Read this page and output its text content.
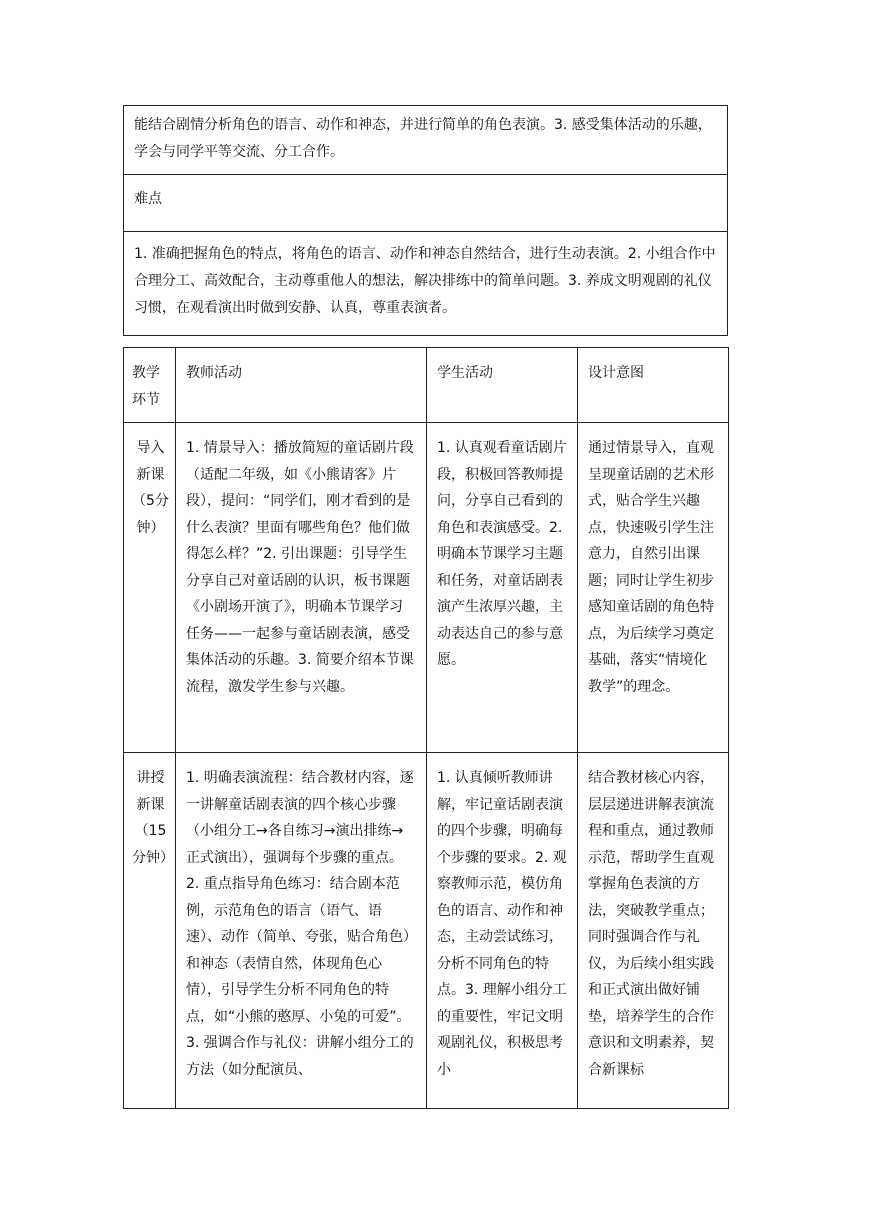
能结合剧情分析角色的语言、动作和神态，并进行简单的角色表演。3. 感受集体活动的乐趣，学会与同学平等交流、分工合作。
难点
1. 准确把握角色的特点，将角色的语言、动作和神态自然结合，进行生动表演。2. 小组合作中合理分工、高效配合，主动尊重他人的想法，解决排练中的简单问题。3. 养成文明观剧的礼仪习惯，在观看演出时做到安静、认真，尊重表演者。
教学环节	教师活动	学生活动	设计意图
导入新课（5分钟）	1. 情景导入：播放简短的童话剧片段（适配二年级，如《小熊请客》片段），提问：“同学们，刚才看到的是什么表演？里面有哪些角色？他们做得怎么样？”2. 引出课题：引导学生分享自己对童话剧的认识，板书课题《小剧场开演了》，明确本节课学习任务——一起参与童话剧表演，感受集体活动的乐趣。3. 简要介绍本节课流程，激发学生参与兴趣。	1. 认真观看童话剧片段，积极回答教师提问，分享自己看到的角色和表演感受。2. 明确本节课学习主题和任务，对童话剧表演产生浓厚兴趣，主动表达自己的参与意愿。	通过情景导入，直观呈现童话剧的艺术形式，贴合学生兴趣点，快速吸引学生注意力，自然引出课题；同时让学生初步感知童话剧的角色特点，为后续学习奠定基础，落实“情境化教学”的理念。
讲授新课（15分钟）	1. 明确表演流程：结合教材内容，逐一讲解童话剧表演的四个核心步骤（小组分工→各自练习→演出排练→正式演出），强调每个步骤的重点。2. 重点指导角色练习：结合剧本范例，示范角色的语言（语气、语速）、动作（简单、夸张，贴合角色）和神态（表情自然，体现角色心情），引导学生分析不同角色的特点，如“小熊的憨厚、小兔的可爱”。3. 强调合作与礼仪：讲解小组分工的方法（如分配演员、	1. 认真倾听教师讲解，牢记童话剧表演的四个步骤，明确每个步骤的要求。2. 观察教师示范，模仿角色的语言、动作和神态，主动尝试练习，分析不同角色的特点。3. 理解小组分工的重要性，牢记文明观剧礼仪，积极思考小	结合教材核心内容，层层递进讲解表演流程和重点，通过教师示范，帮助学生直观掌握角色表演的方法，突破教学重点；同时强调合作与礼仪，为后续小组实践和正式演出做好铺垫，培养学生的合作意识和文明素养，契合新课标
